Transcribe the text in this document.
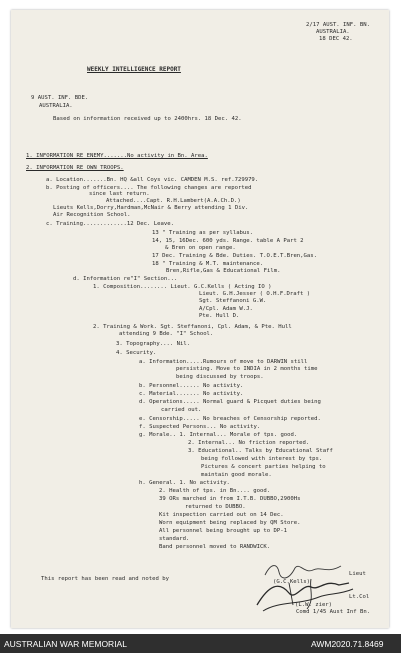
2/17 AUST. INF. BN.
AUSTRALIA.
18 DEC 42.
WEEKLY INTELLIGENCE REPORT
9 AUST. INF. BDE.
AUSTRALIA.
Based on information received up to 2400hrs. 18 Dec. 42.
1. INFORMATION RE ENEMY.......No activity in Bn. Area.
2. INFORMATION RE OWN TROOPS.
a. Location.......Bn. HQ &all Coys vic. CAMDEN M.S. ref.729979.
b. Posting of officers.... The following changes are reported
since last return.
Attached....Capt. R.H.Lambert(A.A.Ch.D.)
Lieuts Kells,Dorry,Hardman,McNair & Berry attending 1 Div.
Air Recognition School.
c. Training.............12 Dec. Leave.
13 " Training as per syllabus.
14, 15, 16Dec. 600 yds. Range. table A Part 2
& Bren on open range.
17 Dec. Training & Bde. Duties. T.O.E.T.Bren,Gas.
18 " Training & M.T. maintenance.
Bren,Rifle,Gas & Educational Film.
d. Information re"I" Section...
1. Composition........ Lieut. G.C.Kells ( Acting IO )
Lieut. G.H.Jesser ( O.H.F.Draft )
Sgt. Steffanoni G.W.
A/Cpl. Adam W.J.
Pte. Hull D.
2. Training & Work. Sgt. Steffanoni, Cpl. Adam, & Pte. Hull
attending 9 Bde. "I" School.
3. Topography.... Nil.
4. Security.
a. Information.....Rumours of move to DARWIN still
persisting. Move to INDIA in 2 months time
being discussed by troops.
b. Personnel...... No activity.
c. Material....... No activity.
d. Operations..... Normal guard & Picquet duties being
carried out.
e. Censorship..... No breaches of Censorship reported.
f. Suspected Persons... No activity.
g. Morale.. 1. Internal... Morale of tps. good.
2. Internal... No friction reported.
3. Educational.. Talks by Educational Staff
being followed with interest by tps.
Pictures & concert parties helping to
maintain good morale.
h. General. 1. No activity.
2. Health of tps. in Bn.... good.
39 ORs marched in from I.T.B. DUBBO,2900Hs
returned to DUBBO.
Kit inspection carried out on 14 Dec.
Worn equipment being replaced by QM Store.
All personnel being brought up to DP-1
standard.
Band personnel moved to RANDWICK.
Lieut
(G.C.Kells)
This report has been read and noted by
Lt.Col
(L.W. zier)
Comd 1/45 Aust Inf Bn.
AUSTRALIAN WAR MEMORIAL	AWM2020.71.8469
